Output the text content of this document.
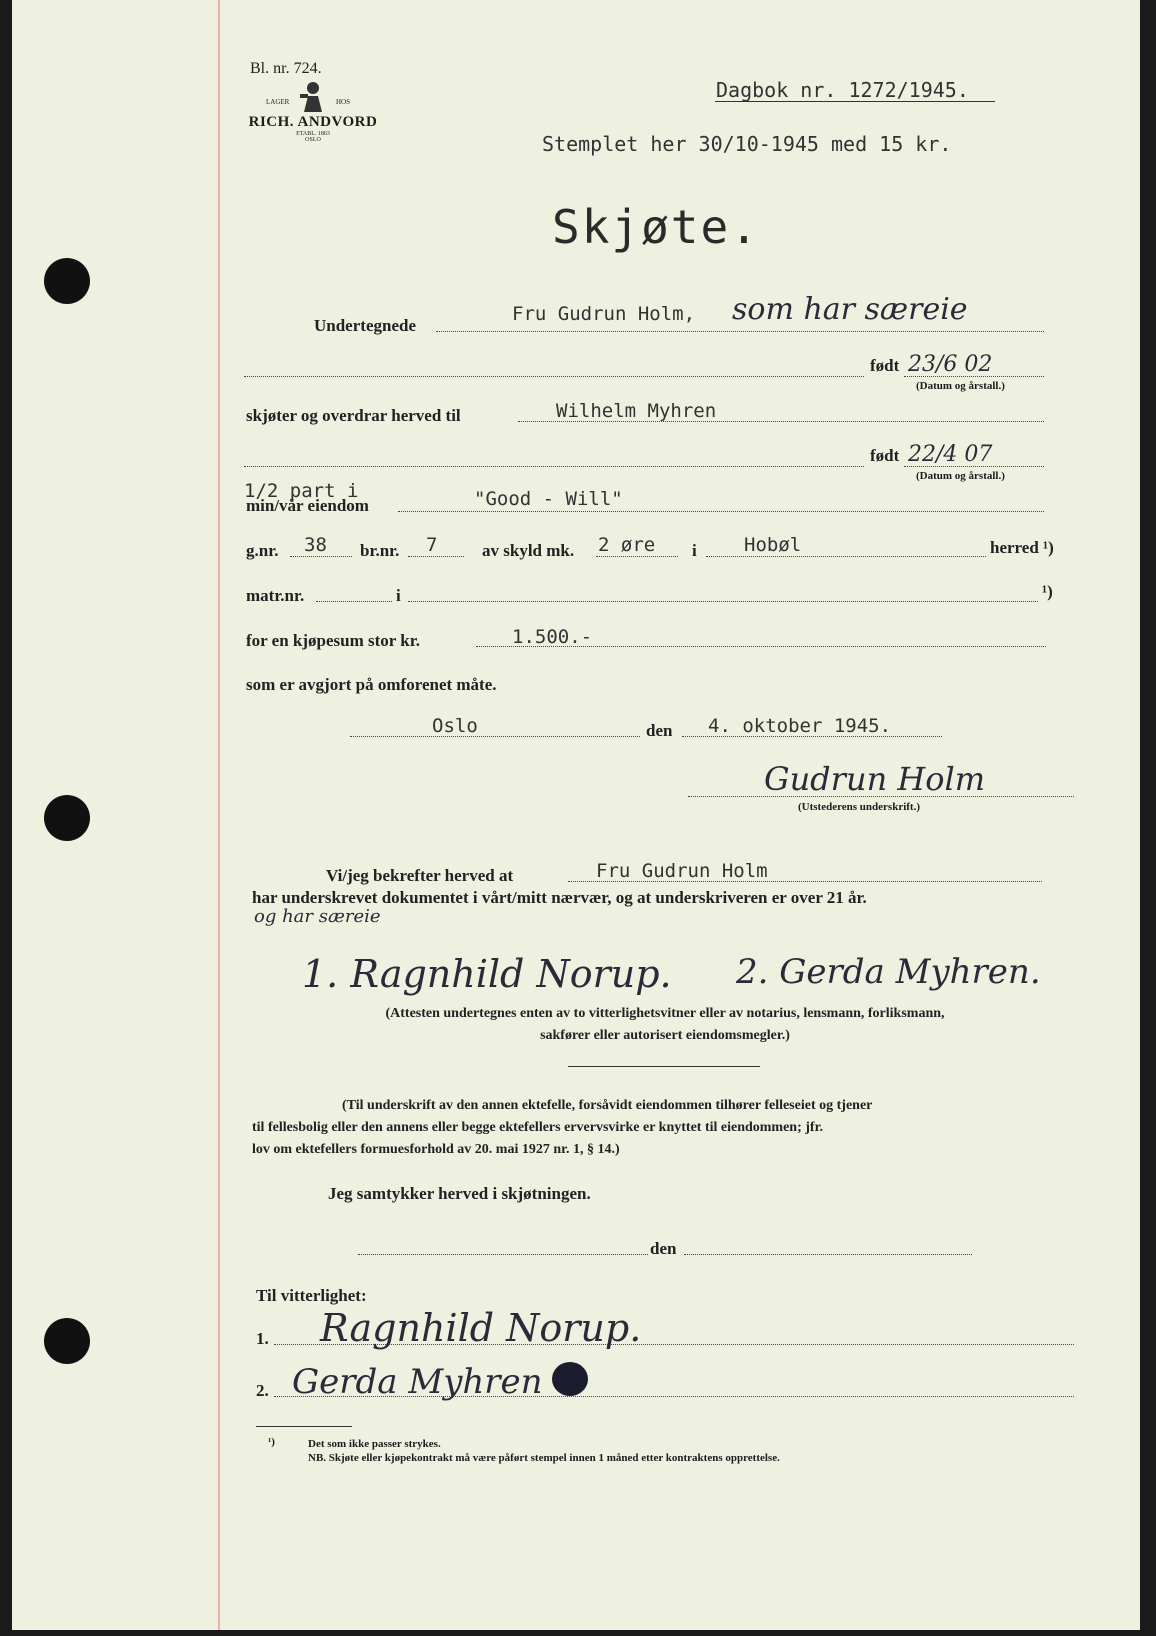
Bl. nr. 724.
LAGER	HOS
RICH. ANDVORD
ETABL. 1863
OSLO
Dagbok nr. 1272/1945.
Stemplet her 30/10-1945 med 15 kr.
Skjøte.
Undertegnede
Fru Gudrun Holm, som har særeie
født 23/6 02
(Datum og årstall.)
skjøter og overdrar herved til	Wilhelm Myhren
født 22/4 07
(Datum og årstall.)
1/2 part i
min/vår eiendom	"Good - Will"
g.nr. 38 br.nr. 7	av skyld mk. 2 øre i Hobøl	herred ¹)
matr.nr.	i	¹)
for en kjøpesum stor kr.	1.500.-
som er avgjort på omforenet måte.
Oslo	den 4. oktober 1945.
Gudrun Holm
(Utstederens underskrift.)
Vi/jeg bekrefter herved at	Fru Gudrun Holm
har underskrevet dokumentet i vårt/mitt nærvær, og at underskriveren er over 21 år.
og har særeie
1. Ragnhild Norup. 2. Gerda Myhren.
(Attesten undertegnes enten av to vitterlighetsvitner eller av notarius, lensmann, forliksmann,
sakfører eller autorisert eiendomsmegler.)
(Til underskrift av den annen ektefelle, forsåvidt eiendommen tilhører felleseiet og tjener
til fellesbolig eller den annens eller begge ektefellers ervervsvirke er knyttet til eiendommen; jfr.
lov om ektefellers formuesforhold av 20. mai 1927 nr. 1, § 14.)
Jeg samtykker herved i skjøtningen.
den
Til vitterlighet:
1. Ragnhild Norup.
2. Gerda Myhren
¹)	Det som ikke passer strykes.
NB. Skjøte eller kjøpekontrakt må være påført stempel innen 1 måned etter kontraktens opprettelse.
